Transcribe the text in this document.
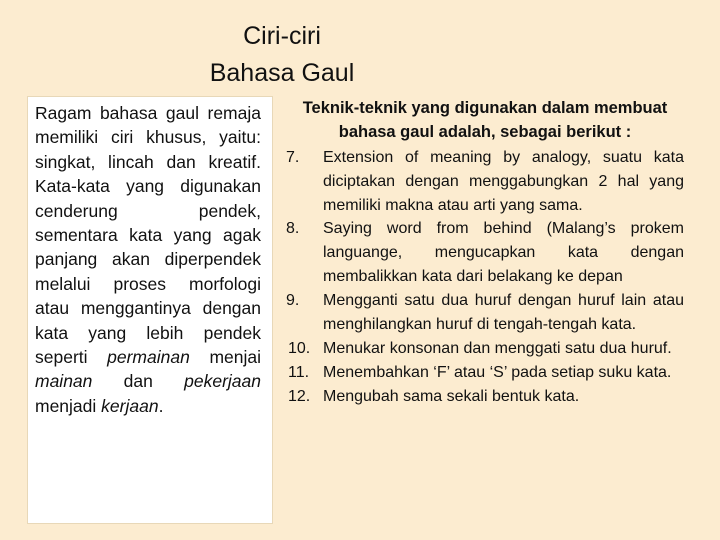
Ciri-ciri
Bahasa Gaul
Ragam bahasa gaul remaja memiliki ciri khusus, yaitu: singkat, lincah dan kreatif. Kata-kata yang digunakan cenderung pendek, sementara kata yang agak panjang akan diperpendek melalui proses morfologi atau menggantinya dengan kata yang lebih pendek seperti permainan menjai mainan dan pekerjaan menjadi kerjaan.
Teknik-teknik yang digunakan dalam membuat bahasa gaul adalah, sebagai berikut :
7. Extension of meaning by analogy, suatu kata diciptakan dengan menggabungkan 2 hal yang memiliki makna atau arti yang sama.
8. Saying word from behind (Malang’s prokem languange, mengucapkan kata dengan membalikkan kata dari belakang ke depan
9. Mengganti satu dua huruf dengan huruf lain atau menghilangkan huruf di tengah-tengah kata.
10. Menukar konsonan dan menggati satu dua huruf.
11. Menembahkan ‘F’ atau ‘S’ pada setiap suku kata.
12. Mengubah sama sekali bentuk kata.
